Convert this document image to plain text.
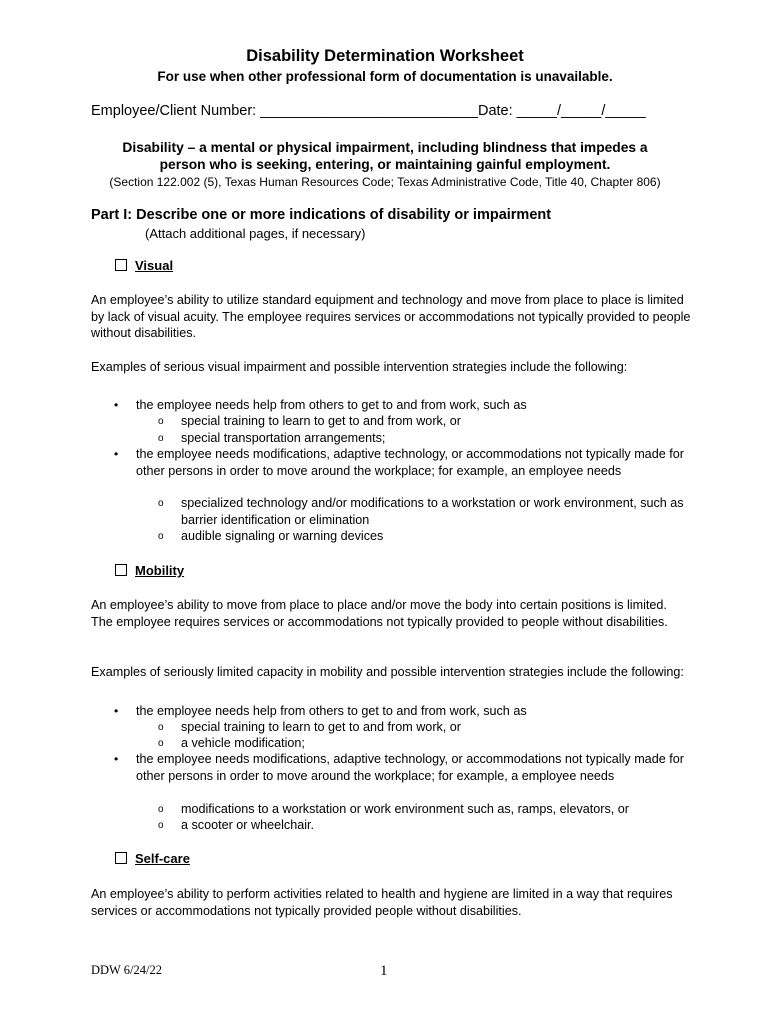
Disability Determination Worksheet
For use when other professional form of documentation is unavailable.
Employee/Client Number: ___________________________Date: _____/_____/_____
Disability – a mental or physical impairment, including blindness that impedes a
person who is seeking, entering, or maintaining gainful employment.
(Section 122.002 (5), Texas Human Resources Code; Texas Administrative Code, Title 40, Chapter 806)
Part I: Describe one or more indications of disability or impairment
(Attach additional pages, if necessary)
Visual
An employee’s ability to utilize standard equipment and technology and move from place to place is limited by lack of visual acuity. The employee requires services or accommodations not typically provided to people without disabilities.
Examples of serious visual impairment and possible intervention strategies include the following:
• the employee needs help from others to get to and from work, such as
o special training to learn to get to and from work, or
o special transportation arrangements;
• the employee needs modifications, adaptive technology, or accommodations not typically made for other persons in order to move around the workplace; for example, an employee needs
o specialized technology and/or modifications to a workstation or work environment, such as barrier identification or elimination
o audible signaling or warning devices
Mobility
An employee’s ability to move from place to place and/or move the body into certain positions is limited. The employee requires services or accommodations not typically provided to people without disabilities.
Examples of seriously limited capacity in mobility and possible intervention strategies include the following:
• the employee needs help from others to get to and from work, such as
o special training to learn to get to and from work, or
o a vehicle modification;
• the employee needs modifications, adaptive technology, or accommodations not typically made for other persons in order to move around the workplace; for example, a employee needs
o modifications to a workstation or work environment such as, ramps, elevators, or
o a scooter or wheelchair.
Self-care
An employee’s ability to perform activities related to health and hygiene are limited in a way that requires services or accommodations not typically provided people without disabilities.
DDW 6/24/22	1
